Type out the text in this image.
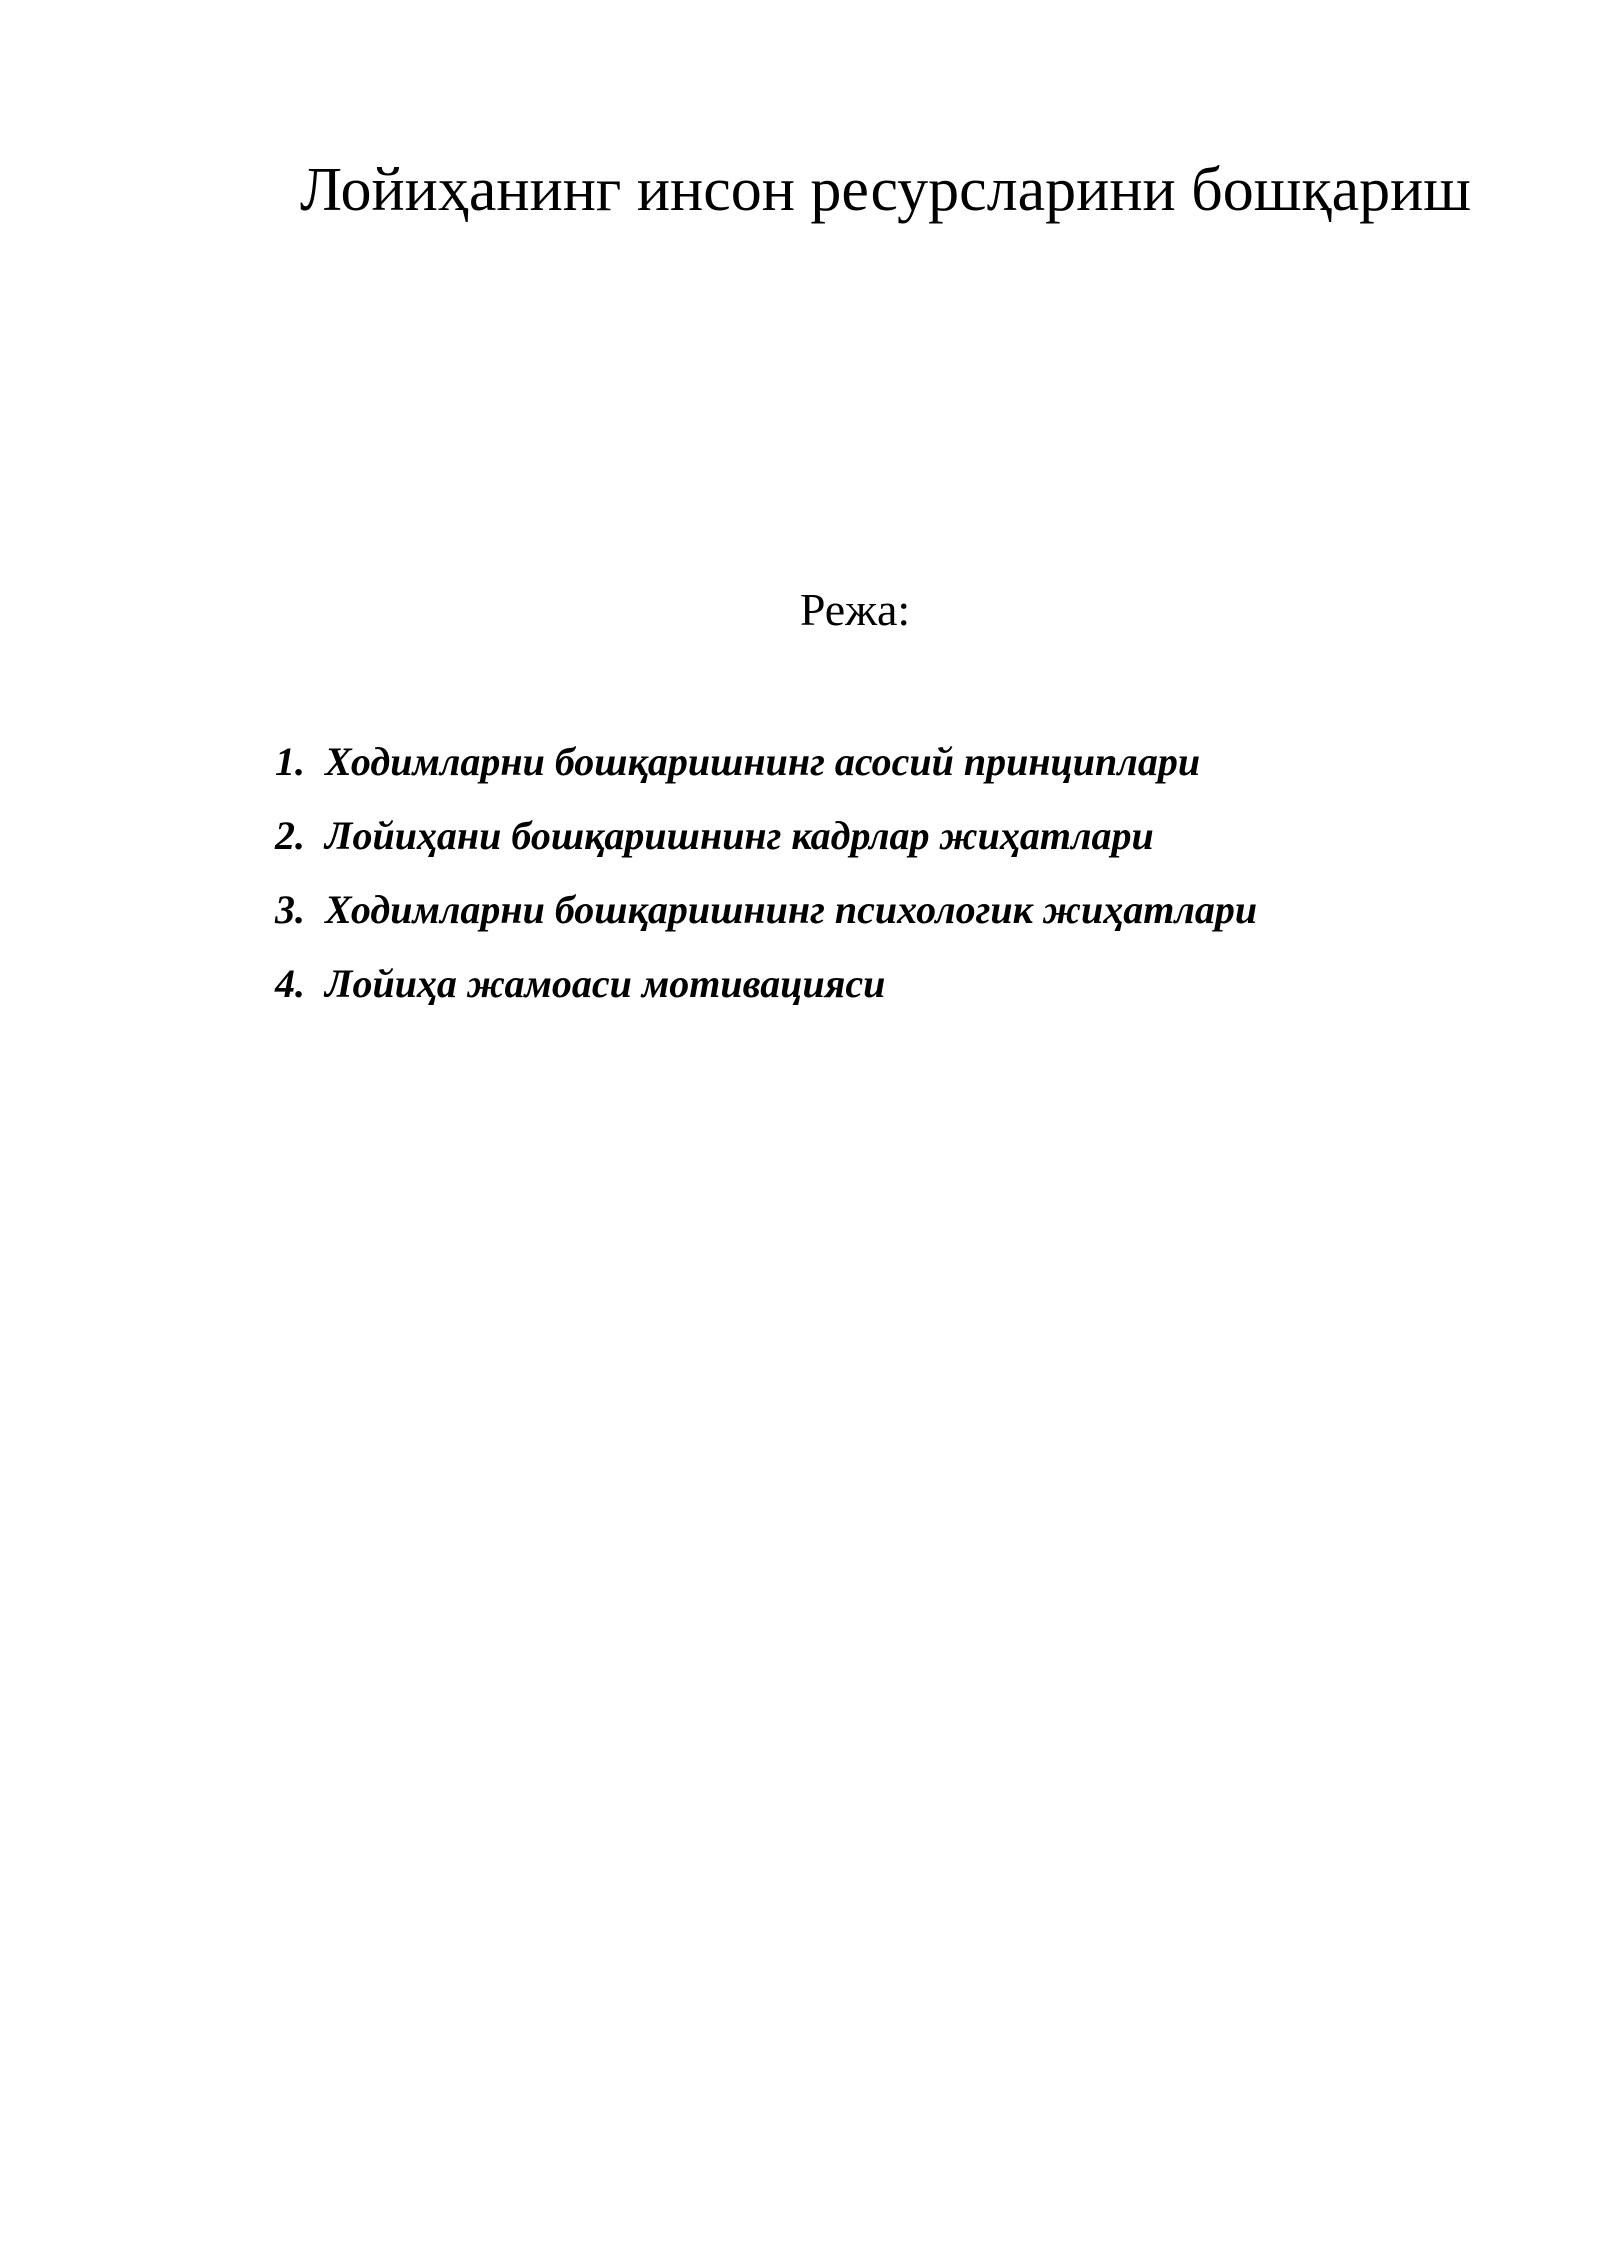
Лойиҳанинг инсон ресурсларини бошқариш
Режа:
1. Ходимларни бошқаришнинг асосий принциплари
2. Лойиҳани бошқаришнинг кадрлар жиҳатлари
3. Ходимларни бошқаришнинг психологик жиҳатлари
4. Лойиҳа жамоаси мотивацияси
